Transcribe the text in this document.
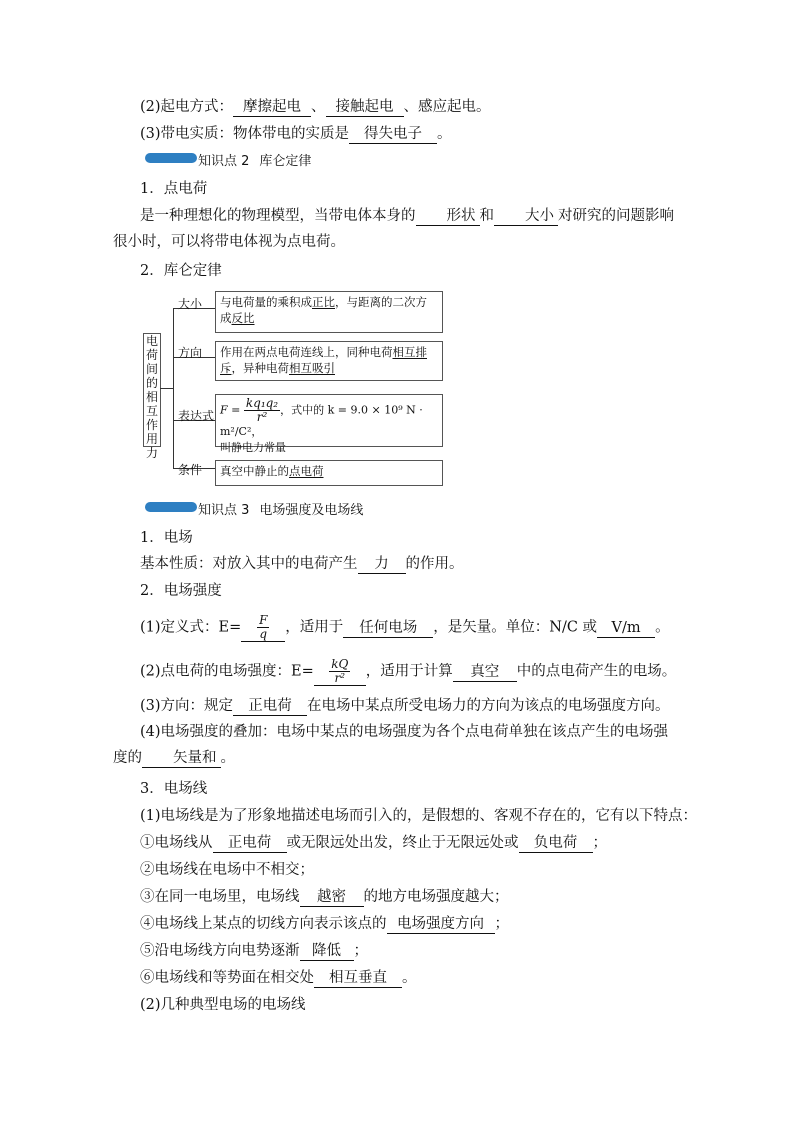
(2)起电方式： 摩擦起电 、 接触起电 、感应起电。
(3)带电实质：物体带电的实质是 得失电子 。
知识点 2 库仑定律
1．点电荷
是一种理想化的物理模型，当带电体本身的 形状 和 大小 对研究的问题影响很小时，可以将带电体视为点电荷。
2．库仑定律
电
荷
间
的
相
互
作
用
力
大小
方向
表达式
条件
与电荷量的乘积成正比，与距离的二次方成反比
作用在两点电荷连线上，同种电荷相互排斥，异种电荷相互吸引
$F = \frac{\text{kq₁q₂}}{\text{r²}}$ ，式中的 k = 9.0 × 10⁹ N · m²/C²，
叫静电力常量
真空中静止的点电荷
知识点 3 电场强度及电场线
1．电场
基本性质：对放入其中的电荷产生 力 的作用。
2．电场强度
(1)定义式：$E= \frac{F}{q}$ ，适用于 任何电场 ，是矢量。单位：N/C 或 V/m 。
(2)点电荷的电场强度：$E= \frac{kQ}{\text{r²}}$ ，适用于计算 真空 中的点电荷产生的电场。
(3)方向：规定 正电荷 在电场中某点所受电场力的方向为该点的电场强度方向。
(4)电场强度的叠加：电场中某点的电场强度为各个点电荷单独在该点产生的电场强度的 矢量和 。
3．电场线
(1)电场线是为了形象地描述电场而引入的，是假想的、客观不存在的，它有以下特点：
①电场线从 正电荷 或无限远处出发，终止于无限远处或 负电荷 ；
②电场线在电场中不相交；
③在同一电场里，电场线 越密 的地方电场强度越大；
④电场线上某点的切线方向表示该点的 电场强度方向 ；
⑤沿电场线方向电势逐渐 降低 ；
⑥电场线和等势面在相交处 相互垂直 。
(2)几种典型电场的电场线
